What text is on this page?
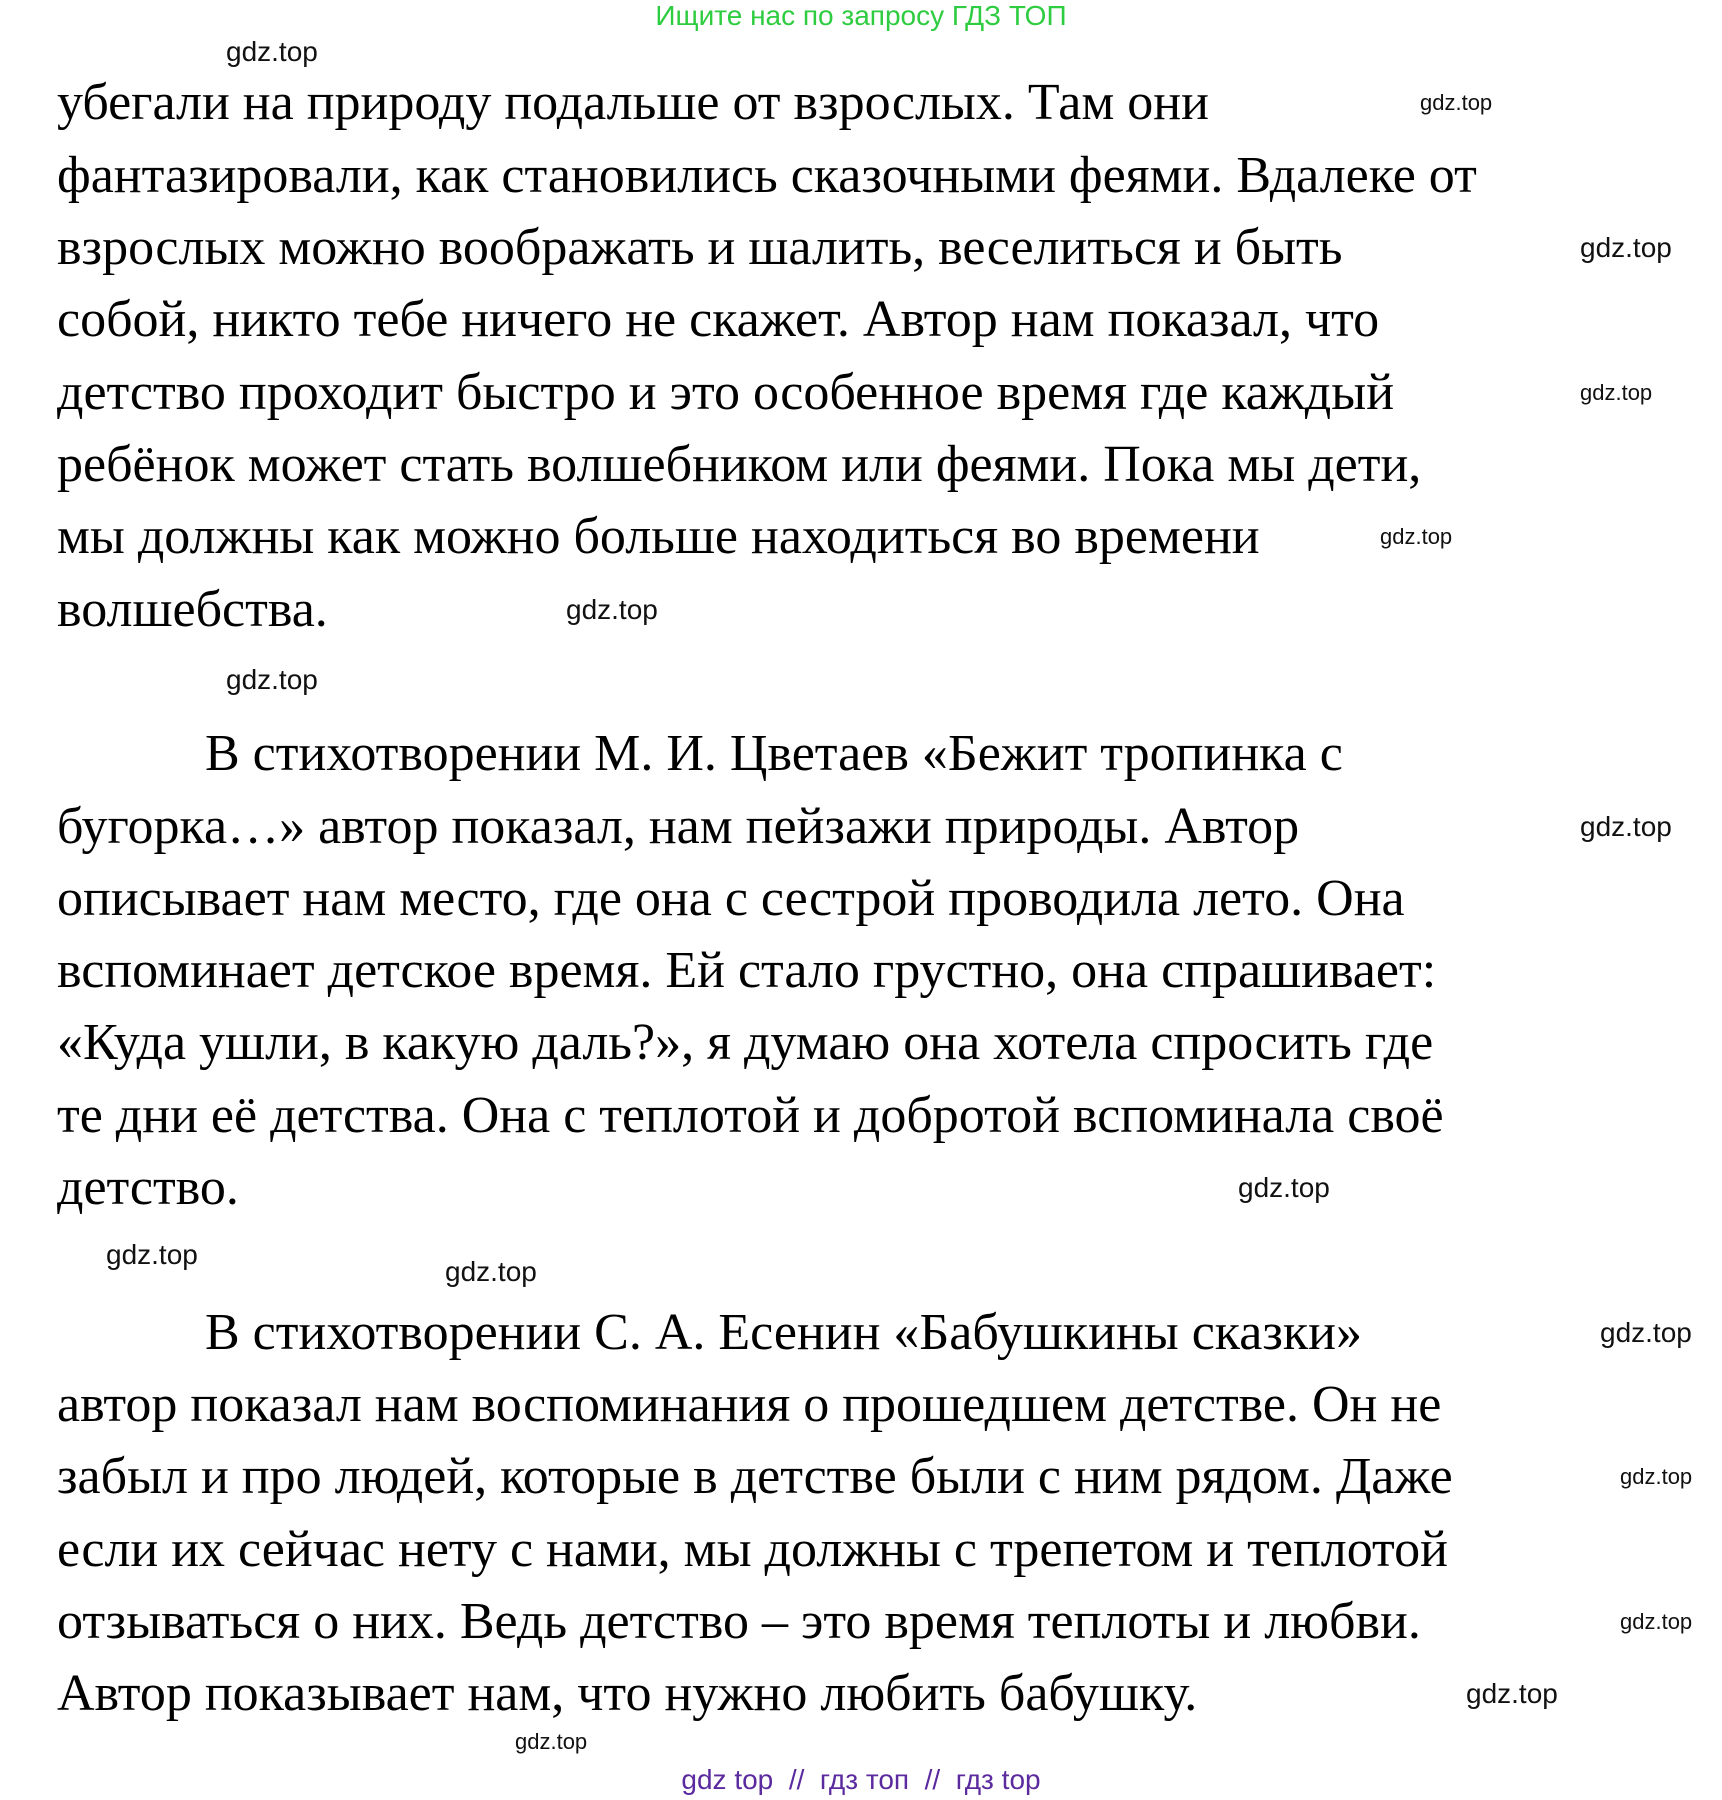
Ищите нас по запросу ГДЗ ТОП
убегали на природу подальше от взрослых. Там они
фантазировали, как становились сказочными феями. Вдалеке от
взрослых можно воображать и шалить, веселиться и быть
собой, никто тебе ничего не скажет. Автор нам показал, что
детство проходит быстро и это особенное время где каждый
ребёнок может стать волшебником или феями. Пока мы дети,
мы должны как можно больше находиться во времени
волшебства.
В стихотворении М. И. Цветаев «Бежит тропинка с
бугорка…» автор показал, нам пейзажи природы. Автор
описывает нам место, где она с сестрой проводила лето. Она
вспоминает детское время. Ей стало грустно, она спрашивает:
«Куда ушли, в какую даль?», я думаю она хотела спросить где
те дни её детства. Она с теплотой и добротой вспоминала своё
детство.
В стихотворении С. А. Есенин «Бабушкины сказки»
автор показал нам воспоминания о прошедшем детстве. Он не
забыл и про людей, которые в детстве были с ним рядом. Даже
если их сейчас нету с нами, мы должны с трепетом и теплотой
отзываться о них. Ведь детство – это время теплоты и любви.
Автор показывает нам, что нужно любить бабушку.
gdz.top
gdz.top
gdz.top
gdz.top
gdz.top
gdz.top
gdz.top
gdz.top
gdz.top
gdz.top
gdz.top
gdz.top
gdz.top
gdz.top
gdz.top
gdz.top
gdz top  //  гдз топ  //  гдз top
